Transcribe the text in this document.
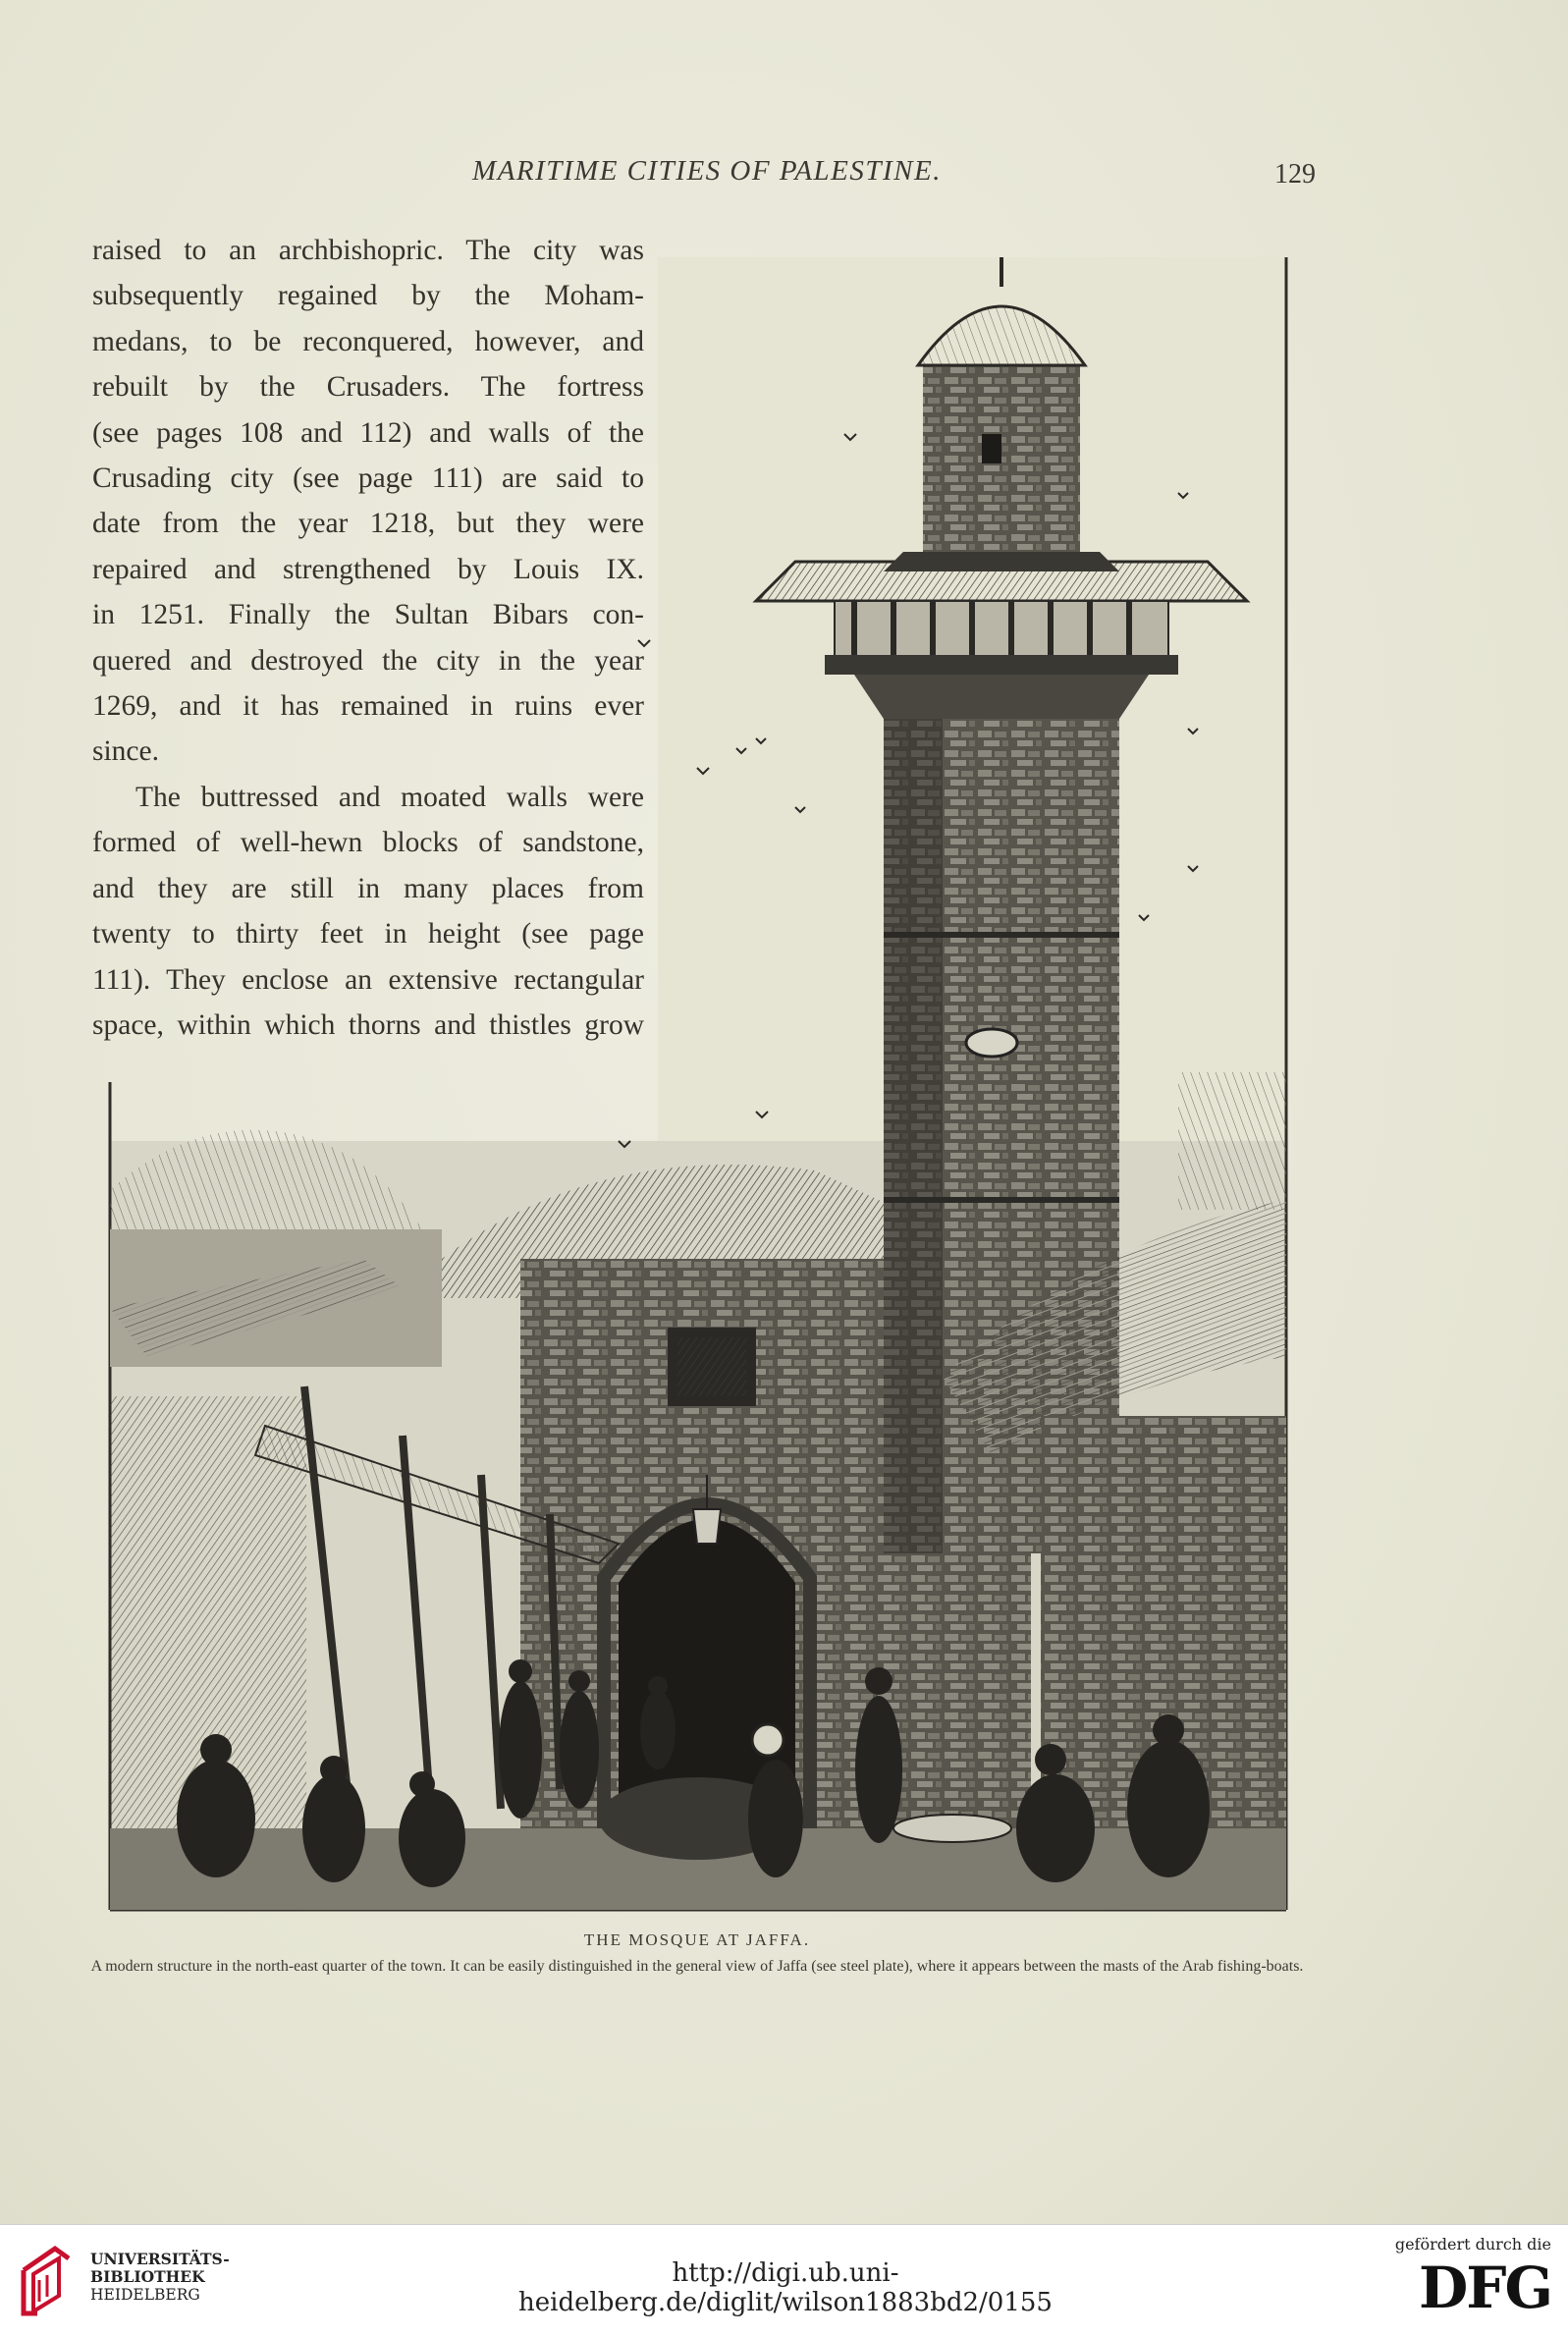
MARITIME CITIES OF PALESTINE.	129

raised to an archbishopric. The city was

subsequently regained by the Moham-

medans, to be reconquered, however, and

rebuilt by the Crusaders. The fortress

(see pages 108 and 112) and walls of the

Crusading city (see page 111) are said to

date from the year 1218, but they were

repaired and strengthened by Louis IX.

in 1251. Finally the Sultan Bibars con-

quered and destroyed the city in the year

1269, and it has remained in ruins ever

since.

The buttressed and moated walls were

formed of well-hewn blocks of sandstone,

and they are still in many places from

twenty to thirty feet in height (see page

111). They enclose an extensive rectangular

space, within which thorns and thistles grow

THE MOSQUE AT JAFFA.
A modern structure in the north-east quarter of the town. It can be easily distinguished in the general view of Jaffa (see steel plate), where it appears between the masts of the Arab fishing-boats.
UNIVERSITÄTS-
BIBLIOTHEK
HEIDELBERG
http://digi.ub.uni-heidelberg.de/diglit/wilson1883bd2/0155
gefördert durch die
DFG
